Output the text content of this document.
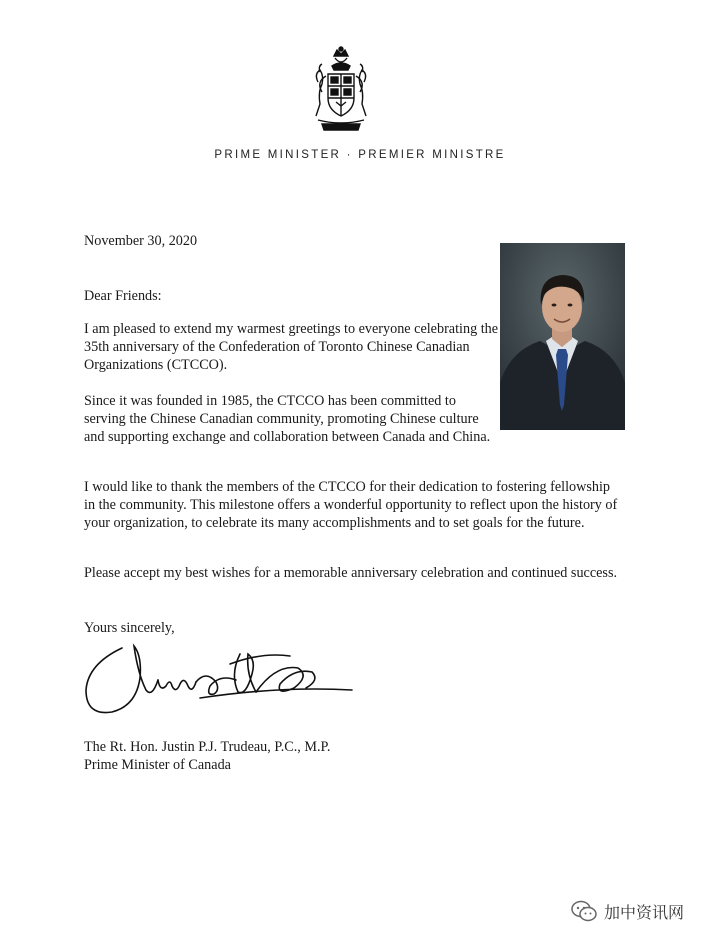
PRIME MINISTER · PREMIER MINISTRE
November 30, 2020
Dear Friends:
I am pleased to extend my warmest greetings to everyone celebrating the 35th anniversary of the Confederation of Toronto Chinese Canadian Organizations (CTCCO).
Since it was founded in 1985, the CTCCO has been committed to serving the Chinese Canadian community, promoting Chinese culture and supporting exchange and collaboration between Canada and China.
I would like to thank the members of the CTCCO for their dedication to fostering fellowship in the community. This milestone offers a wonderful opportunity to reflect upon the history of your organization, to celebrate its many accomplishments and to set goals for the future.
Please accept my best wishes for a memorable anniversary celebration and continued success.
Yours sincerely,
The Rt. Hon. Justin P.J. Trudeau, P.C., M.P.
Prime Minister of Canada
加中资讯网
